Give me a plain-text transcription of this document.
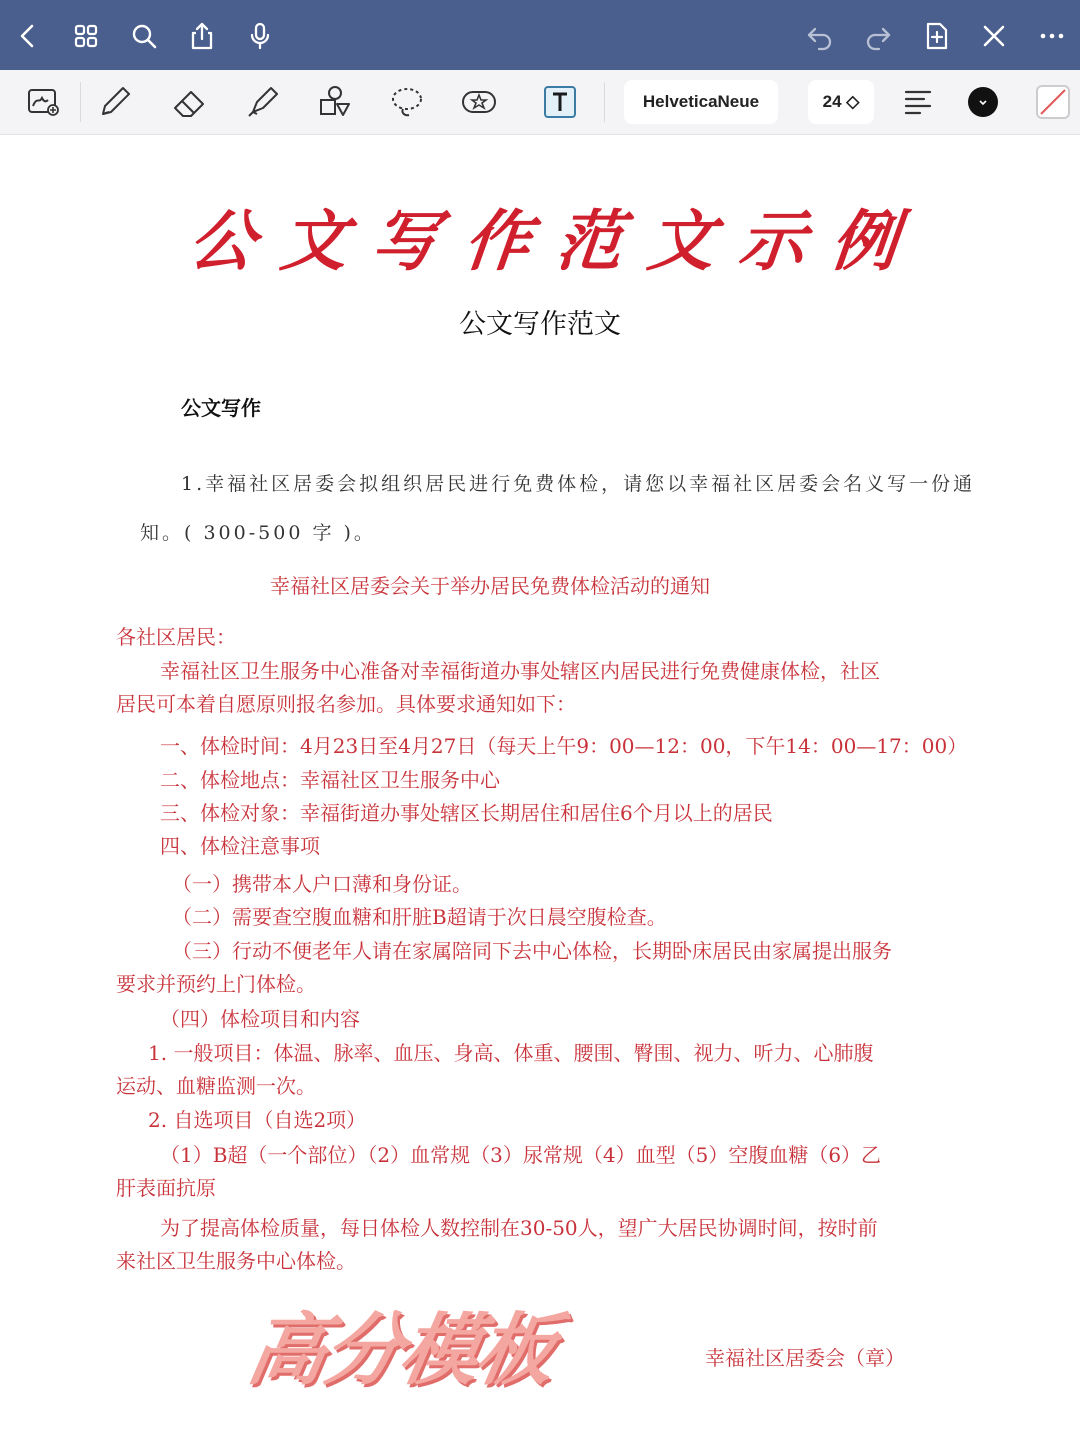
HelveticaNeue	24 ◇
公 文 写 作 范 文 示 例
公文写作范文
公文写作
1.幸福社区居委会拟组织居民进行免费体检，请您以幸福社区居委会名义写一份通
知。( 300-500 字 )。
幸福社区居委会关于举办居民免费体检活动的通知
各社区居民：
幸福社区卫生服务中心准备对幸福街道办事处辖区内居民进行免费健康体检，社区
居民可本着自愿原则报名参加。具体要求通知如下：
一、体检时间：4月23日至4月27日（每天上午9：00—12：00，下午14：00—17：00）
二、体检地点：幸福社区卫生服务中心
三、体检对象：幸福街道办事处辖区长期居住和居住6个月以上的居民
四、体检注意事项
（一）携带本人户口薄和身份证。
（二）需要查空腹血糖和肝脏B超请于次日晨空腹检查。
（三）行动不便老年人请在家属陪同下去中心体检，长期卧床居民由家属提出服务
要求并预约上门体检。
（四）体检项目和内容
1. 一般项目：体温、脉率、血压、身高、体重、腰围、臀围、视力、听力、心肺腹
运动、血糖监测一次。
2. 自选项目（自选2项）
（1）B超（一个部位）（2）血常规（3）尿常规（4）血型（5）空腹血糖（6）乙
肝表面抗原
为了提高体检质量，每日体检人数控制在30-50人，望广大居民协调时间，按时前
来社区卫生服务中心体检。
高分模板	幸福社区居委会（章）
